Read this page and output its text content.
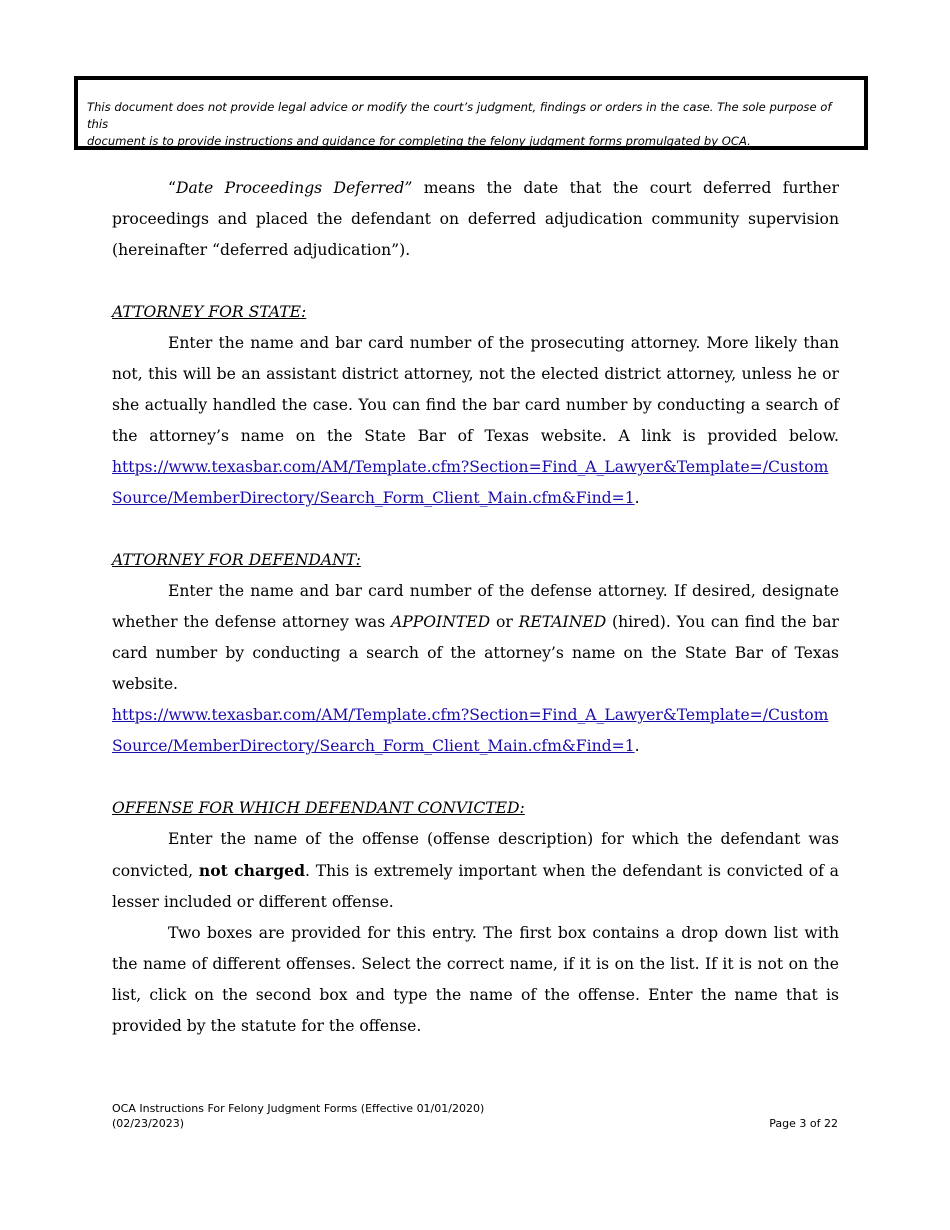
This document does not provide legal advice or modify the court’s judgment, findings or orders in the case. The sole purpose of this
document is to provide instructions and guidance for completing the felony judgment forms promulgated by OCA.

“Date Proceedings Deferred” means the date that the court deferred further proceedings and placed the defendant on deferred adjudication community supervision (hereinafter “deferred adjudication”).

ATTORNEY FOR STATE:

Enter the name and bar card number of the prosecuting attorney. More likely than not, this will be an assistant district attorney, not the elected district attorney, unless he or she actually handled the case. You can find the bar card number by conducting a search of the attorney’s name on the State Bar of Texas website. A link is provided below. https://www.texasbar.com/AM/Template.cfm?Section=Find_A_Lawyer&Template=/Custom
Source/MemberDirectory/Search_Form_Client_Main.cfm&Find=1.

ATTORNEY FOR DEFENDANT:

Enter the name and bar card number of the defense attorney. If desired, designate whether the defense attorney was APPOINTED or RETAINED (hired). You can find the bar card number by conducting a search of the attorney’s name on the State Bar of Texas website.
https://www.texasbar.com/AM/Template.cfm?Section=Find_A_Lawyer&Template=/Custom
Source/MemberDirectory/Search_Form_Client_Main.cfm&Find=1.

OFFENSE FOR WHICH DEFENDANT CONVICTED:

Enter the name of the offense (offense description) for which the defendant was convicted, not charged. This is extremely important when the defendant is convicted of a lesser included or different offense.

Two boxes are provided for this entry. The first box contains a drop down list with the name of different offenses. Select the correct name, if it is on the list. If it is not on the list, click on the second box and type the name of the offense. Enter the name that is provided by the statute for the offense.

OCA Instructions For Felony Judgment Forms (Effective 01/01/2020)
(02/23/2023)	Page 3 of 22
